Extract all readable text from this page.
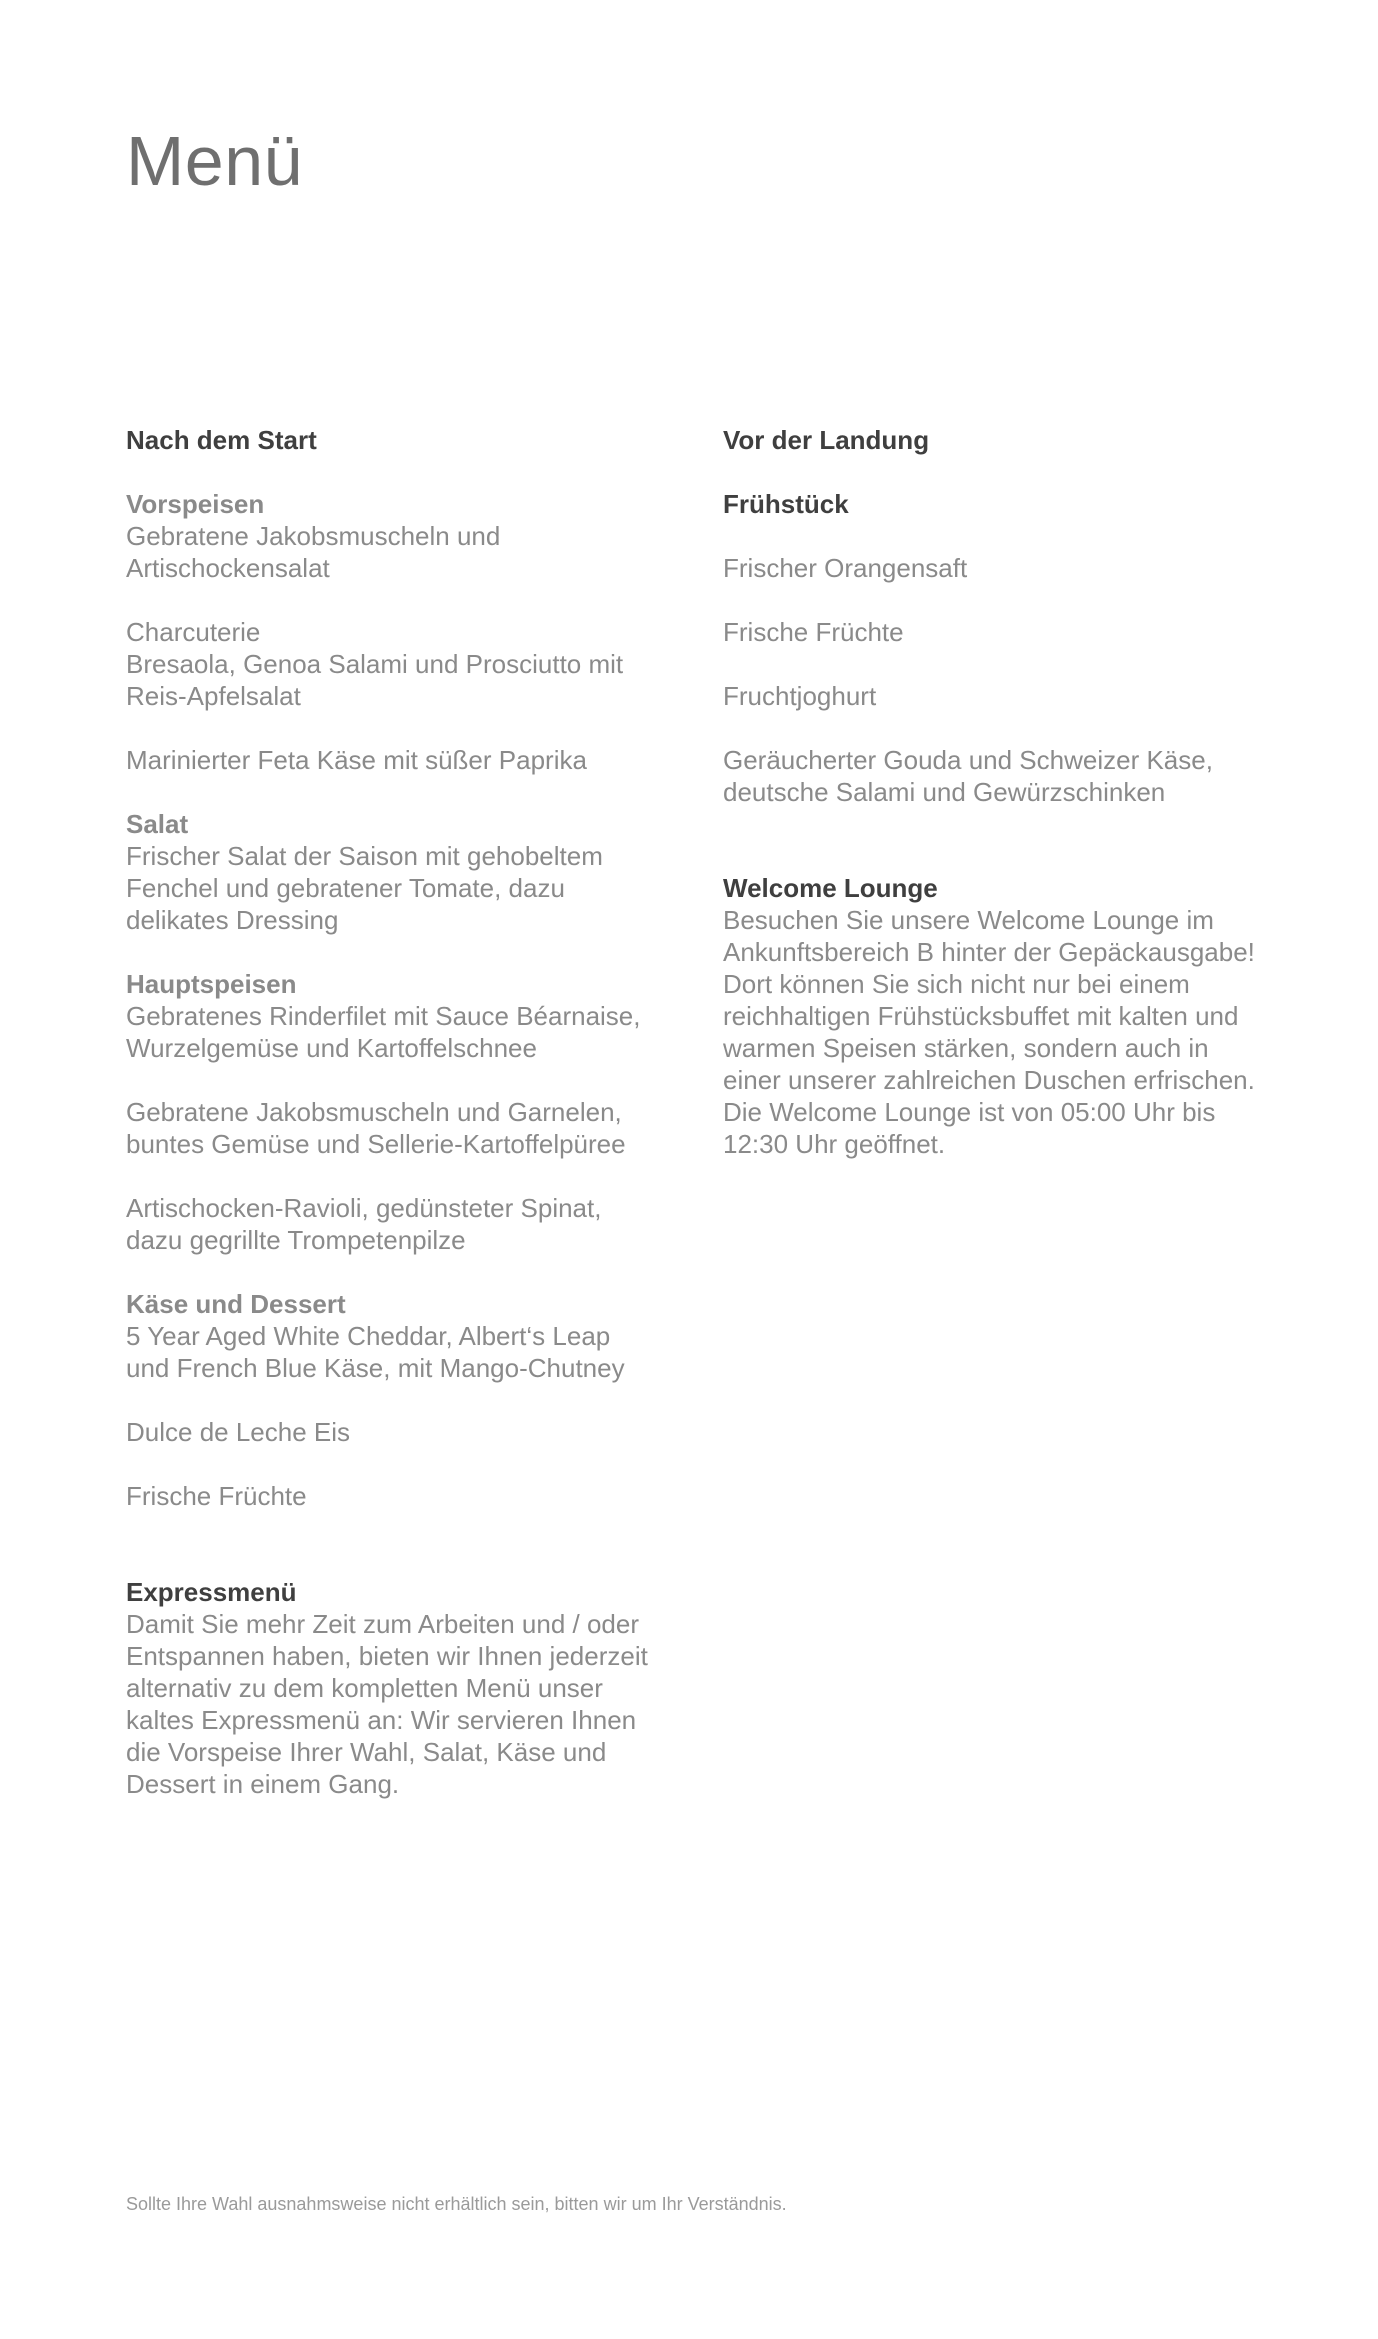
Menü

Nach dem Start

Vorspeisen

Gebratene Jakobsmuscheln und
Artischockensalat

Charcuterie
Bresaola, Genoa Salami und Prosciutto mit
Reis-Apfelsalat

Marinierter Feta Käse mit süßer Paprika

Salat

Frischer Salat der Saison mit gehobeltem
Fenchel und gebratener Tomate, dazu
delikates Dressing

Hauptspeisen

Gebratenes Rinderfilet mit Sauce Béarnaise,
Wurzelgemüse und Kartoffelschnee

Gebratene Jakobsmuscheln und Garnelen,
buntes Gemüse und Sellerie-Kartoffelpüree

Artischocken-Ravioli, gedünsteter Spinat,
dazu gegrillte Trompetenpilze

Käse und Dessert

5 Year Aged White Cheddar, Albert‘s Leap
und French Blue Käse, mit Mango-Chutney

Dulce de Leche Eis

Frische Früchte

Expressmenü

Damit Sie mehr Zeit zum Arbeiten und / oder
Entspannen haben, bieten wir Ihnen jederzeit
alternativ zu dem kompletten Menü unser
kaltes Expressmenü an: Wir servieren Ihnen
die Vorspeise Ihrer Wahl, Salat, Käse und
Dessert in einem Gang.

Vor der Landung

Frühstück

Frischer Orangensaft

Frische Früchte

Fruchtjoghurt

Geräucherter Gouda und Schweizer Käse,
deutsche Salami und Gewürzschinken

Welcome Lounge

Besuchen Sie unsere Welcome Lounge im
Ankunftsbereich B hinter der Gepäckausgabe!
Dort können Sie sich nicht nur bei einem
reichhaltigen Frühstücksbuffet mit kalten und
warmen Speisen stärken, sondern auch in
einer unserer zahlreichen Duschen erfrischen.
Die Welcome Lounge ist von 05:00 Uhr bis
12:30 Uhr geöffnet.

Sollte Ihre Wahl ausnahmsweise nicht erhältlich sein, bitten wir um Ihr Verständnis.
